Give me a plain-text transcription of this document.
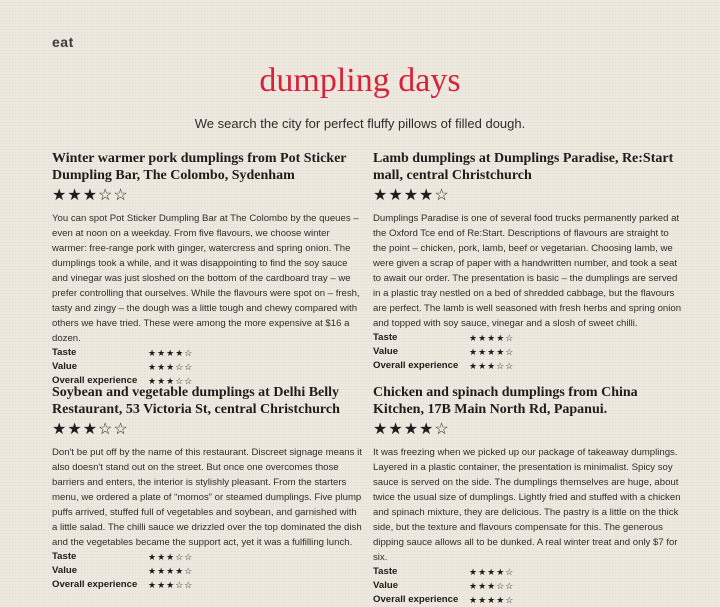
eat
dumpling days
We search the city for perfect fluffy pillows of filled dough.
Winter warmer pork dumplings from Pot Sticker Dumpling Bar, The Colombo, Sydenham
★★★☆☆
You can spot Pot Sticker Dumpling Bar at The Colombo by the queues – even at noon on a weekday. From five flavours, we choose winter warmer: free-range pork with ginger, watercress and spring onion. The dumplings took a while, and it was disappointing to find the soy sauce and vinegar was just sloshed on the bottom of the cardboard tray – we prefer controlling that ourselves. While the flavours were spot on – fresh, tasty and zingy – the dough was a little tough and chewy compared with others we have tried. These were among the more expensive at $16 a dozen.
Taste	★★★★☆
Value	★★★☆☆
Overall experience	★★★☆☆
Lamb dumplings at Dumplings Paradise, Re:Start mall, central Christchurch
★★★★☆
Dumplings Paradise is one of several food trucks permanently parked at the Oxford Tce end of Re:Start. Descriptions of flavours are straight to the point – chicken, pork, lamb, beef or vegetarian. Choosing lamb, we were given a scrap of paper with a handwritten number, and took a seat to await our order. The presentation is basic – the dumplings are served in a plastic tray nestled on a bed of shredded cabbage, but the flavours are perfect. The lamb is well seasoned with fresh herbs and spring onion and topped with soy sauce, vinegar and a slosh of sweet chilli.
Taste	★★★★☆
Value	★★★★☆
Overall experience	★★★☆☆
Soybean and vegetable dumplings at Delhi Belly Restaurant, 53 Victoria St, central Christchurch
★★★☆☆
Don't be put off by the name of this restaurant. Discreet signage means it also doesn't stand out on the street. But once one overcomes those barriers and enters, the interior is stylishly pleasant. From the starters menu, we ordered a plate of “momos” or steamed dumplings. Five plump puffs arrived, stuffed full of vegetables and soybean, and garnished with a little salad. The chilli sauce we drizzled over the top dominated the dish and the vegetables became the support act, yet it was a fulfilling lunch.
Taste	★★★☆☆
Value	★★★★☆
Overall experience	★★★☆☆
Chicken and spinach dumplings from China Kitchen, 17B Main North Rd, Papanui.
★★★★☆
It was freezing when we picked up our package of takeaway dumplings. Layered in a plastic container, the presentation is minimalist. Spicy soy sauce is served on the side. The dumplings themselves are huge, about twice the usual size of dumplings. Lightly fried and stuffed with a chicken and spinach mixture, they are delicious. The pastry is a little on the thick side, but the texture and flavours compensate for this. The generous dipping sauce allows all to be dunked. A real winter treat and only $7 for six.
Taste	★★★★☆
Value	★★★☆☆
Overall experience	★★★★☆
